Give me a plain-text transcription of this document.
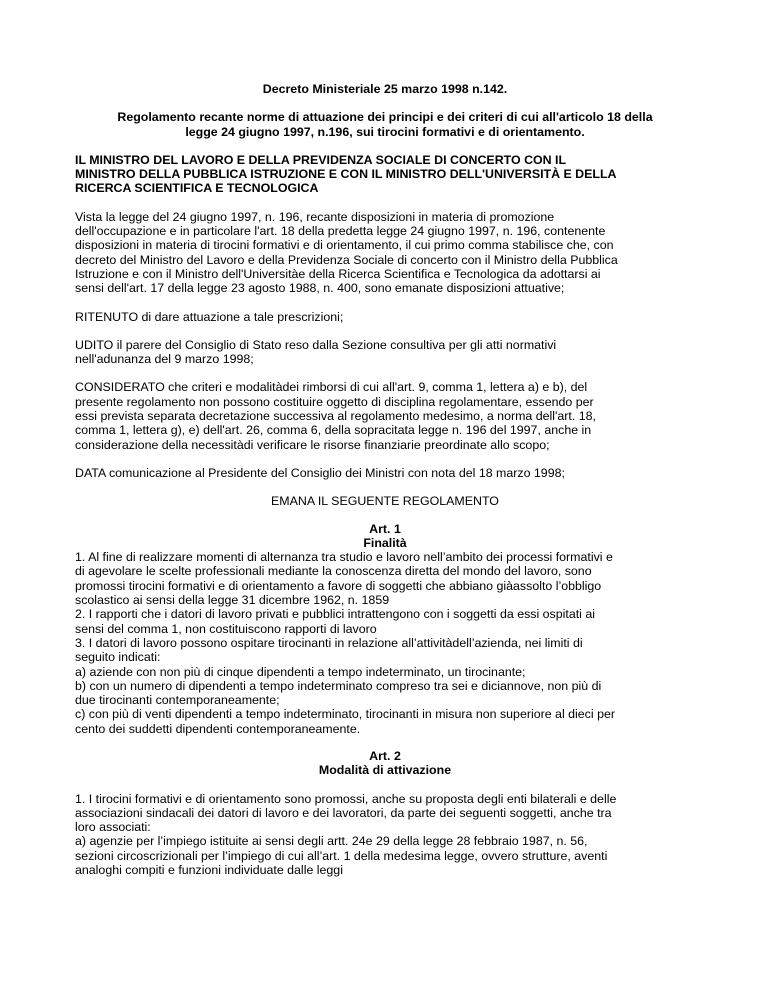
Decreto Ministeriale 25 marzo 1998 n.142.

Regolamento recante norme di attuazione dei principi e dei criteri di cui all'articolo 18 della
legge 24 giugno 1997, n.196, sui tirocini formativi e di orientamento.
IL MINISTRO DEL LAVORO E DELLA PREVIDENZA SOCIALE DI CONCERTO CON IL
MINISTRO DELLA PUBBLICA ISTRUZIONE E CON IL MINISTRO DELL'UNIVERSITÀ E DELLA
RICERCA SCIENTIFICA E TECNOLOGICA
Vista la legge del 24 giugno 1997, n. 196, recante disposizioni in materia di promozione
dell'occupazione e in particolare l'art. 18 della predetta legge 24 giugno 1997, n. 196, contenente
disposizioni in materia di tirocini formativi e di orientamento, il cui primo comma stabilisce che, con
decreto del Ministro del Lavoro e della Previdenza Sociale di concerto con il Ministro della Pubblica
Istruzione e con il Ministro dell'Universitàe della Ricerca Scientifica e Tecnologica da adottarsi ai
sensi dell'art. 17 della legge 23 agosto 1988, n. 400, sono emanate disposizioni attuative;
RITENUTO di dare attuazione a tale prescrizioni;
UDITO il parere del Consiglio di Stato reso dalla Sezione consultiva per gli atti normativi
nell'adunanza del 9 marzo 1998;
CONSIDERATO che criteri e modalitàdei rimborsi di cui all'art. 9, comma 1, lettera a) e b), del
presente regolamento non possono costituire oggetto di disciplina regolamentare, essendo per
essi prevista separata decretazione successiva al regolamento medesimo, a norma dell'art. 18,
comma 1, lettera g), e) dell'art. 26, comma 6, della sopracitata legge n. 196 del 1997, anche in
considerazione della necessitàdi verificare le risorse finanziarie preordinate allo scopo;
DATA comunicazione al Presidente del Consiglio dei Ministri con nota del 18 marzo 1998;

EMANA IL SEGUENTE REGOLAMENTO

Art. 1
Finalità
1. Al fine di realizzare momenti di alternanza tra studio e lavoro nell’ambito dei processi formativi e
di agevolare le scelte professionali mediante la conoscenza diretta del mondo del lavoro, sono
promossi tirocini formativi e di orientamento a favore di soggetti che abbiano giàassolto l’obbligo
scolastico ai sensi della legge 31 dicembre 1962, n. 1859
2. I rapporti che i datori di lavoro privati e pubblici intrattengono con i soggetti da essi ospitati ai
sensi del comma 1, non costituiscono rapporti di lavoro
3. I datori di lavoro possono ospitare tirocinanti in relazione all’attivitàdell’azienda, nei limiti di
seguito indicati:
a) aziende con non più di cinque dipendenti a tempo indeterminato, un tirocinante;
b) con un numero di dipendenti a tempo indeterminato compreso tra sei e diciannove, non più di
due tirocinanti contemporaneamente;
c) con più di venti dipendenti a tempo indeterminato, tirocinanti in misura non superiore al dieci per
cento dei suddetti dipendenti contemporaneamente.
Art. 2
Modalità di attivazione
1. I tirocini formativi e di orientamento sono promossi, anche su proposta degli enti bilaterali e delle
associazioni sindacali dei datori di lavoro e dei lavoratori, da parte dei seguenti soggetti, anche tra
loro associati:
a) agenzie per l’impiego istituite ai sensi degli artt. 24e 29 della legge 28 febbraio 1987, n. 56,
sezioni circoscrizionali per l’impiego di cui all’art. 1 della medesima legge, ovvero strutture, aventi
analoghi compiti e funzioni individuate dalle leggi
